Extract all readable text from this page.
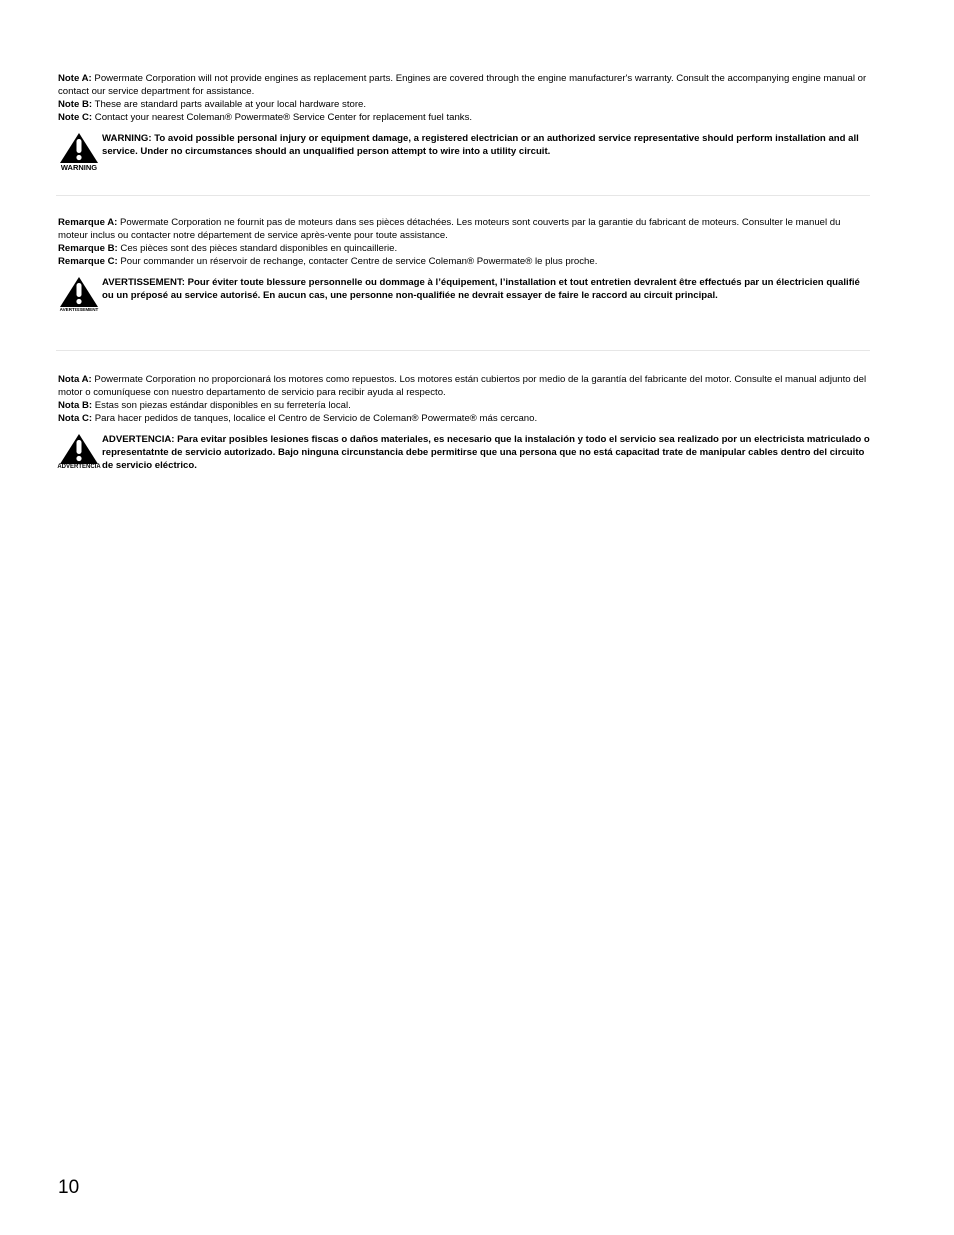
Note A: Powermate Corporation will not provide engines as replacement parts. Engines are covered through the engine manufacturer's warranty. Consult the accompanying engine manual or contact our service department for assistance.

Note B: These are standard parts available at your local hardware store.

Note C: Contact your nearest Coleman® Powermate® Service Center for replacement fuel tanks.

WARNING
WARNING: To avoid possible personal injury or equipment damage, a registered electrician or an authorized service representative should perform installation and all service. Under no circumstances should an unqualified person attempt to wire into a utility circuit.

Remarque A: Powermate Corporation ne fournit pas de moteurs dans ses pièces détachées. Les moteurs sont couverts par la garantie du fabricant de moteurs. Consulter le manuel du moteur inclus ou contacter notre département de service après-vente pour toute assistance.

Remarque B: Ces pièces sont des pièces standard disponibles en quincaillerie.

Remarque C: Pour commander un réservoir de rechange, contacter Centre de service Coleman® Powermate® le plus proche.

AVERTISSEMENT
AVERTISSEMENT: Pour éviter toute blessure personnelle ou dommage à l’équipement, l’installation et tout entretien devralent être effectués par un électricien qualifié ou un préposé au service autorisé. En aucun cas, une personne non-qualifiée ne devrait essayer de faire le raccord au circuit principal.

Nota A: Powermate Corporation no proporcionará los motores como repuestos. Los motores están cubiertos por medio de la garantía del fabricante del motor. Consulte el manual adjunto del motor o comuníquese con nuestro departamento de servicio para recibir ayuda al respecto.

Nota B: Estas son piezas estándar disponibles en su ferretería local.

Nota C: Para hacer pedidos de tanques, localice el Centro de Servicio de Coleman® Powermate® más cercano.

ADVERTENCIA
ADVERTENCIA: Para evitar posibles lesiones fiscas o daños materiales, es necesario que la instalación y todo el servicio sea realizado por un electricista matriculado o representatnte de servicio autorizado. Bajo ninguna circunstancia debe permitirse que una persona que no está capacitad trate de manipular cables dentro del circuito de servicio eléctrico.
10
